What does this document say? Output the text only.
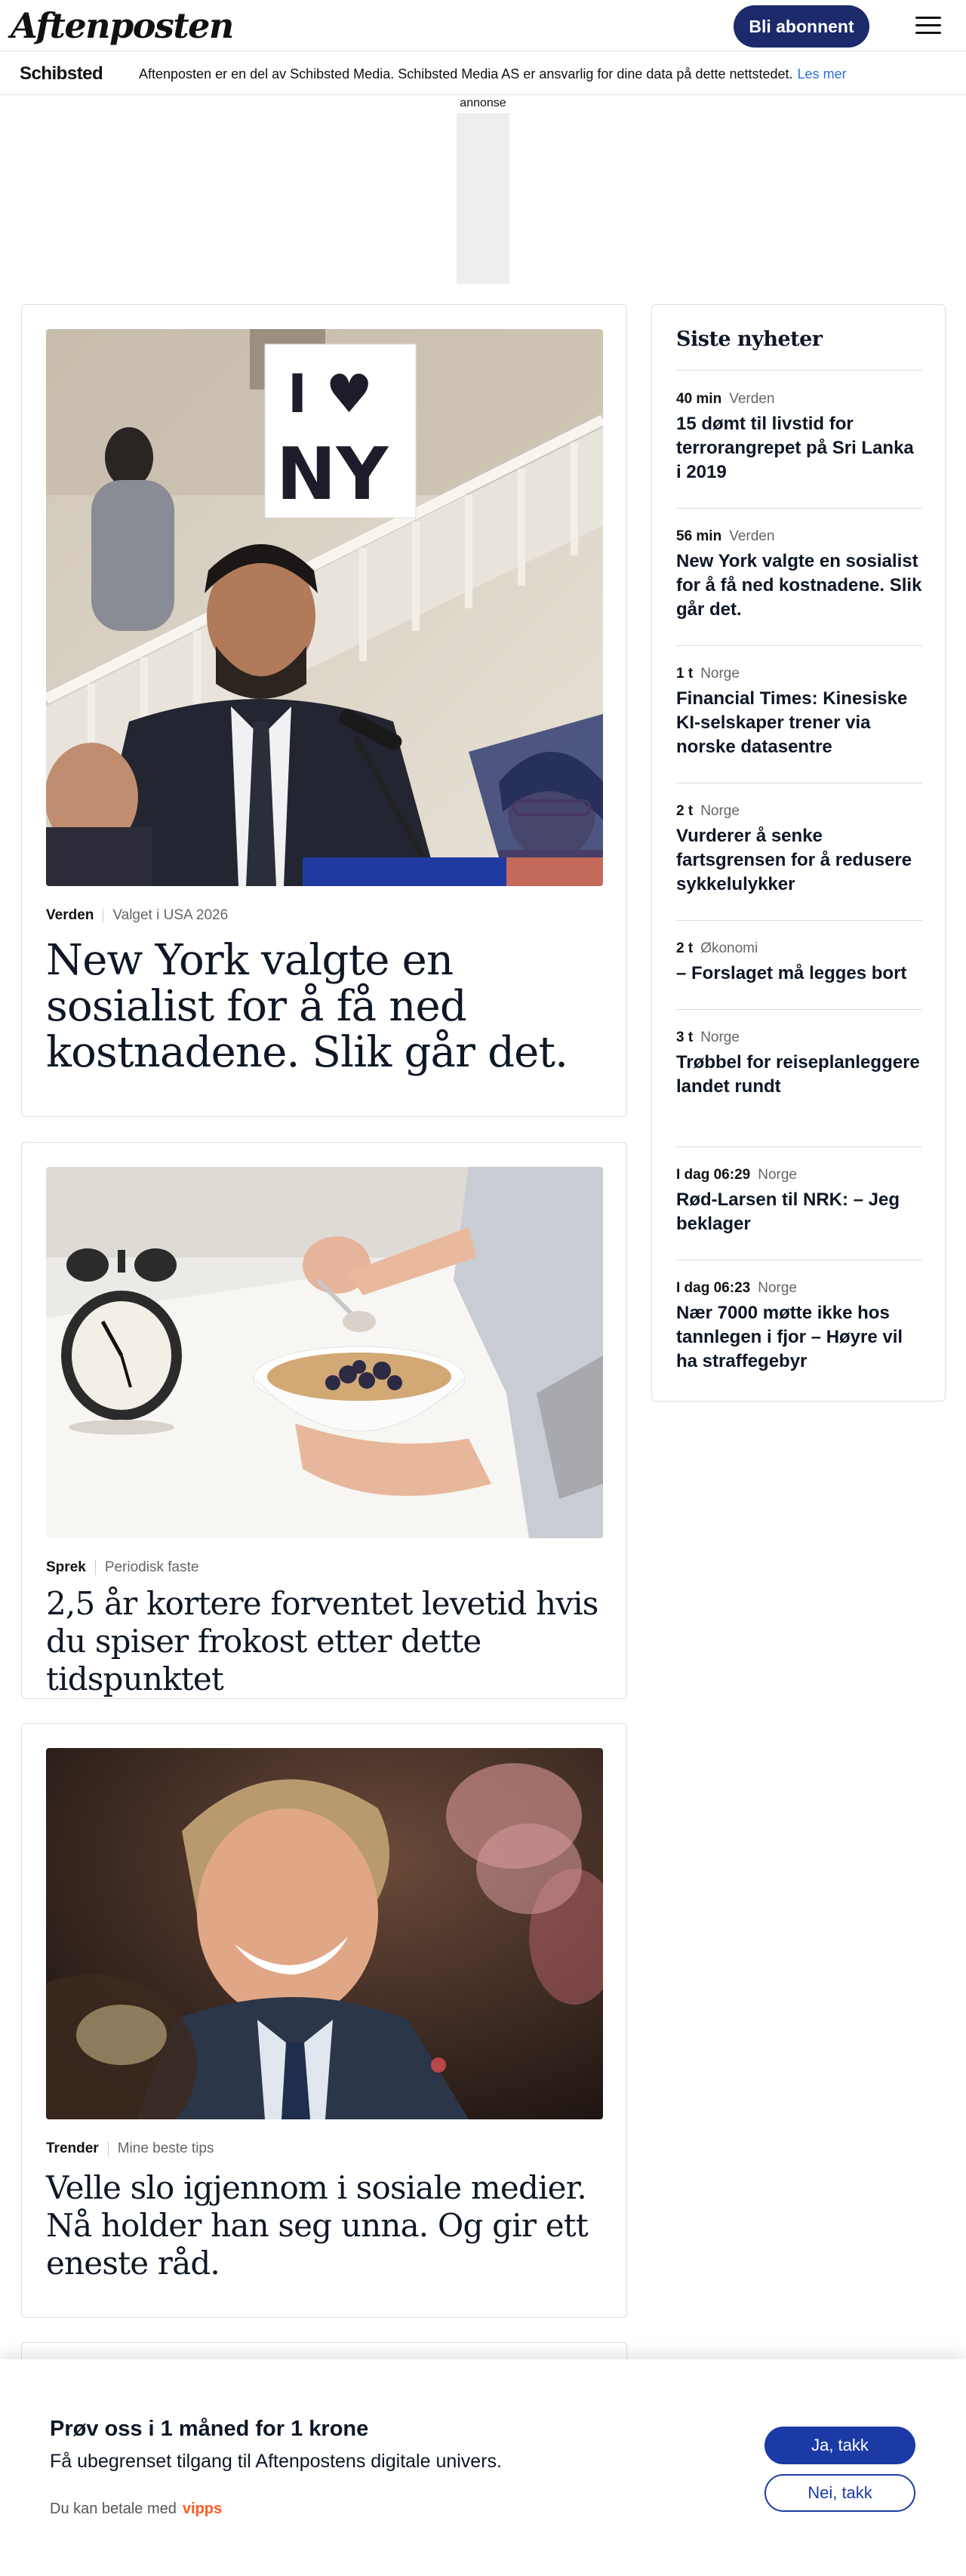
Aftenposten	Bli abonnent
Schibsted	Aftenposten er en del av Schibsted Media. Schibsted Media AS er ansvarlig for dine data på dette nettstedet. Les mer
annonse
I ♥
NY
Verden Valget i USA 2026
New York valgte en sosialist for å få ned kostnadene. Slik går det.
Sprek Periodisk faste
2,5 år kortere forventet levetid hvis du spiser frokost etter dette tidspunktet
Trender Mine beste tips
Velle slo igjennom i sosiale medier. Nå holder han seg unna. Og gir ett eneste råd.
Siste nyheter
40 min Verden
15 dømt til livstid for terrorangrepet på Sri Lanka i 2019
56 min Verden
New York valgte en sosialist for å få ned kostnadene. Slik går det.
1 t Norge
Financial Times: Kinesiske KI-selskaper trener via norske datasentre
2 t Norge
Vurderer å senke fartsgrensen for å redusere sykkelulykker
2 t Økonomi
– Forslaget må legges bort
3 t Norge
Trøbbel for reiseplanleggere landet rundt
I dag 06:29 Norge
Rød-Larsen til NRK: – Jeg beklager
I dag 06:23 Norge
Nær 7000 møtte ikke hos tannlegen i fjor – Høyre vil ha straffegebyr
Prøv oss i 1 måned for 1 krone
Få ubegrenset tilgang til Aftenpostens digitale univers.
Du kan betale med vipps
Ja, takk
Nei, takk
